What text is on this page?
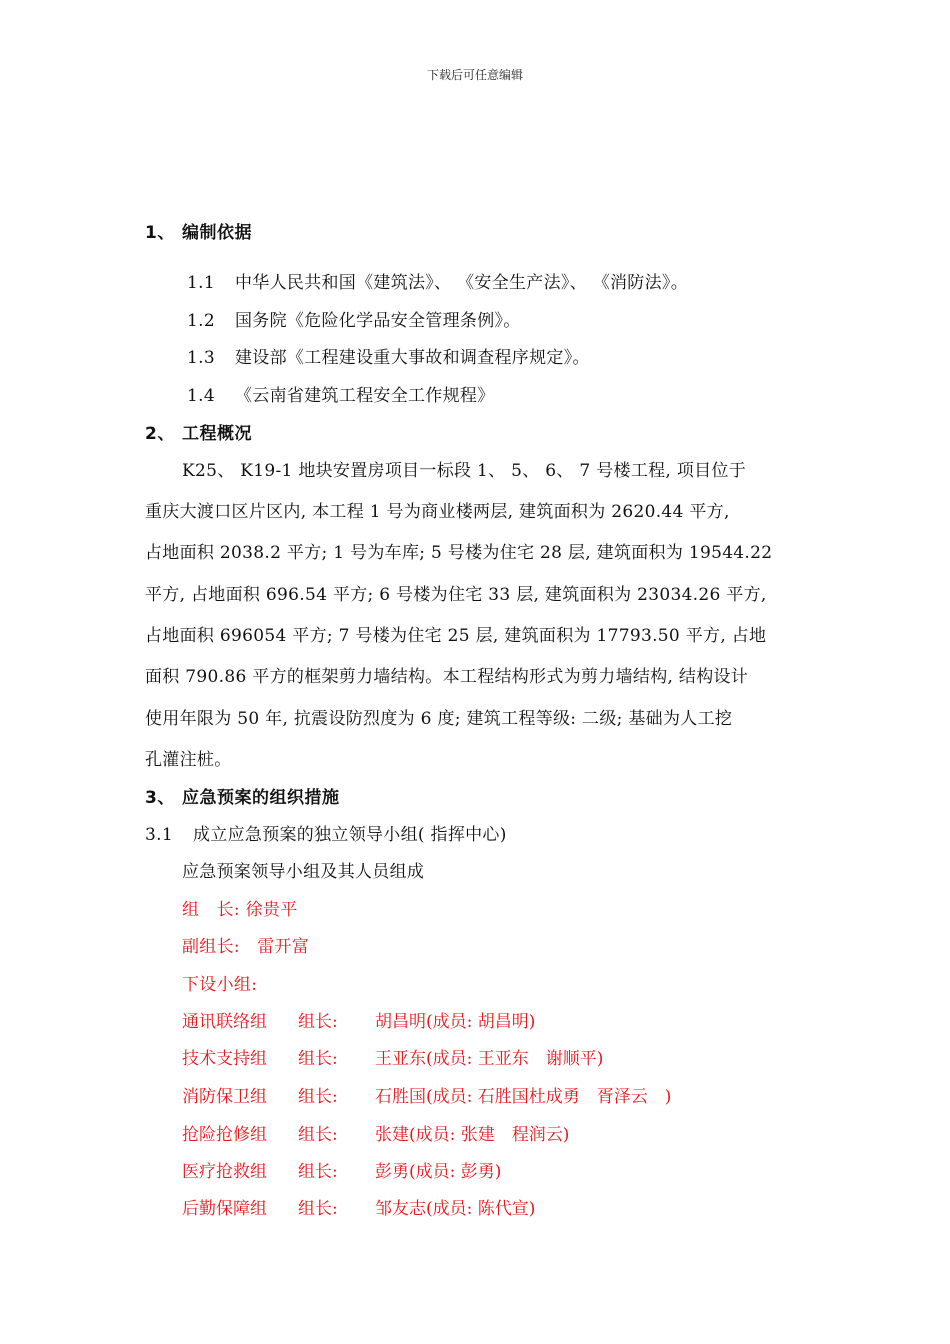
下载后可任意编辑
1、 编制依据
1.1 中华人民共和国《建筑法》、 《安全生产法》、 《消防法》。
1.2 国务院《危险化学品安全管理条例》。
1.3 建设部《工程建设重大事故和调查程序规定》。
1.4 《云南省建筑工程安全工作规程》
2、 工程概况
K25、 K19-1 地块安置房项目一标段 1、 5、 6、 7 号楼工程, 项目位于
重庆大渡口区片区内, 本工程 1 号为商业楼两层, 建筑面积为 2620.44 平方,
占地面积 2038.2 平方; 1 号为车库; 5 号楼为住宅 28 层, 建筑面积为 19544.22
平方, 占地面积 696.54 平方; 6 号楼为住宅 33 层, 建筑面积为 23034.26 平方,
占地面积 696054 平方; 7 号楼为住宅 25 层, 建筑面积为 17793.50 平方, 占地
面积 790.86 平方的框架剪力墙结构。本工程结构形式为剪力墙结构, 结构设计
使用年限为 50 年, 抗震设防烈度为 6 度; 建筑工程等级: 二级; 基础为人工挖
孔灌注桩。
3、 应急预案的组织措施
3.1 成立应急预案的独立领导小组( 指挥中心)
应急预案领导小组及其人员组成
组　长: 徐贵平
副组长:　雷开富
下设小组:
通讯联络组 组长: 胡昌明(成员: 胡昌明)
技术支持组 组长: 王亚东(成员: 王亚东　谢顺平)
消防保卫组 组长: 石胜国(成员: 石胜国杜成勇　胥泽云　)
抢险抢修组 组长: 张建(成员: 张建　程润云)
医疗抢救组 组长: 彭勇(成员: 彭勇)
后勤保障组 组长: 邹友志(成员: 陈代宣)
